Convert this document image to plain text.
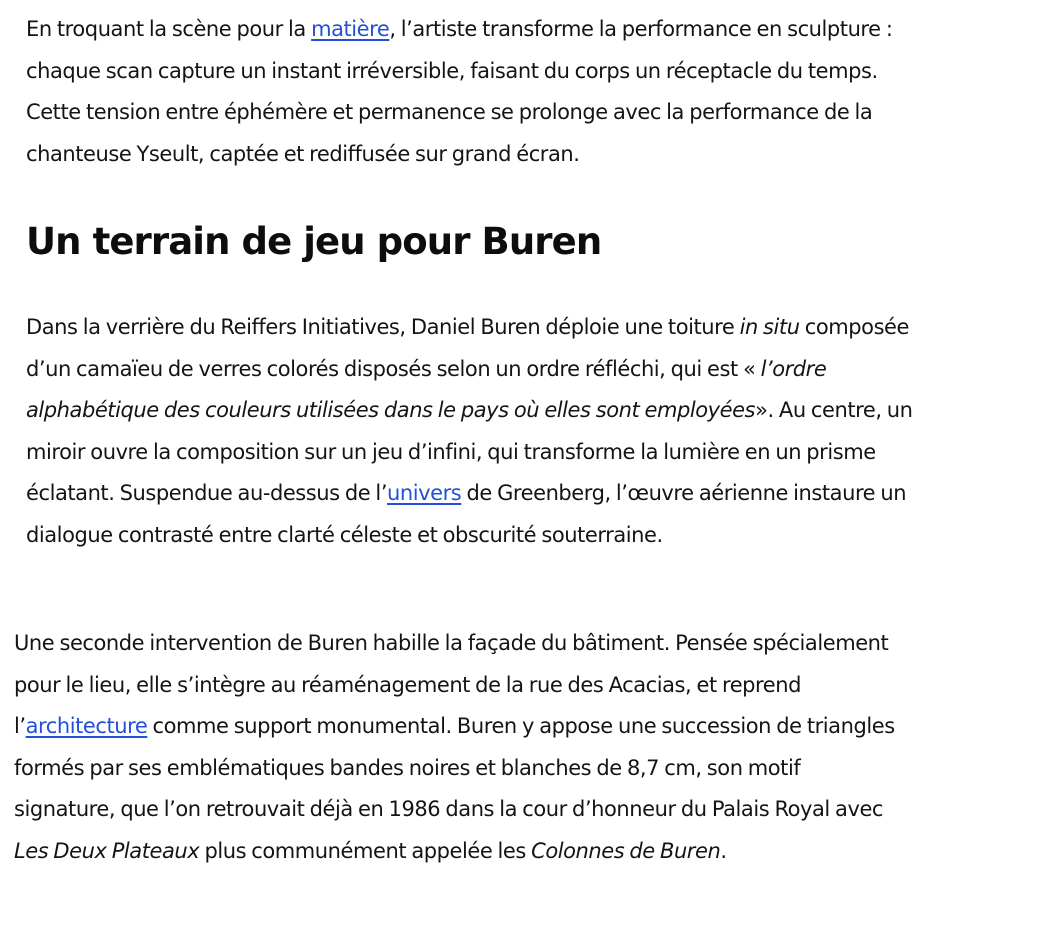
En troquant la scène pour la matière, l’artiste transforme la performance en sculpture :
chaque scan capture un instant irréversible, faisant du corps un réceptacle du temps.
Cette tension entre éphémère et permanence se prolonge avec la performance de la
chanteuse Yseult, captée et rediffusée sur grand écran.

Un terrain de jeu pour Buren

Dans la verrière du Reiffers Initiatives, Daniel Buren déploie une toiture in situ composée
d’un camaïeu de verres colorés disposés selon un ordre réfléchi, qui est « l’ordre
alphabétique des couleurs utilisées dans le pays où elles sont employées». Au centre, un
miroir ouvre la composition sur un jeu d’infini, qui transforme la lumière en un prisme
éclatant. Suspendue au-dessus de l’univers de Greenberg, l’œuvre aérienne instaure un
dialogue contrasté entre clarté céleste et obscurité souterraine.

Une seconde intervention de Buren habille la façade du bâtiment. Pensée spécialement
pour le lieu, elle s’intègre au réaménagement de la rue des Acacias, et reprend
l’architecture comme support monumental. Buren y appose une succession de triangles
formés par ses emblématiques bandes noires et blanches de 8,7 cm, son motif
signature, que l’on retrouvait déjà en 1986 dans la cour d’honneur du Palais Royal avec
Les Deux Plateaux plus communément appelée les Colonnes de Buren.
